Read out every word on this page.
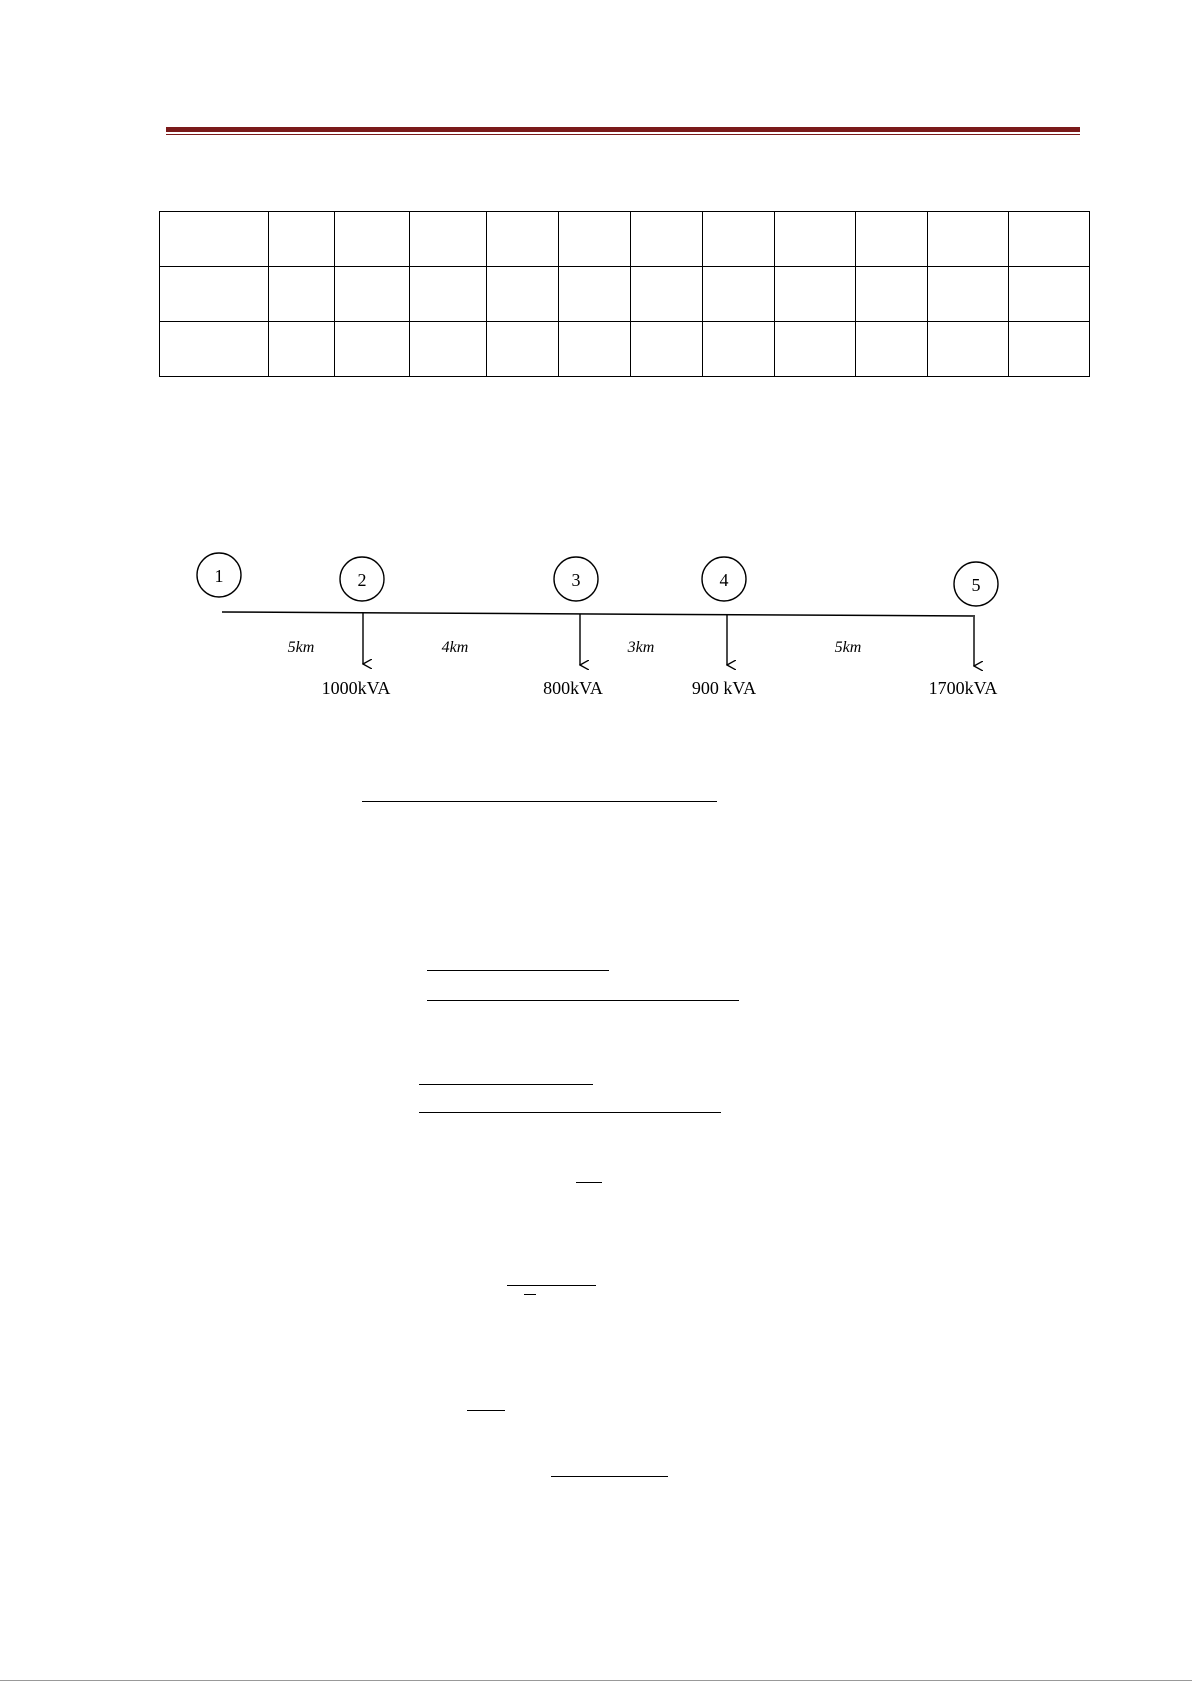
1	2	3	4	5
5km	4km	3km	5km
1000kVA	800kVA	900 kVA	1700kVA
